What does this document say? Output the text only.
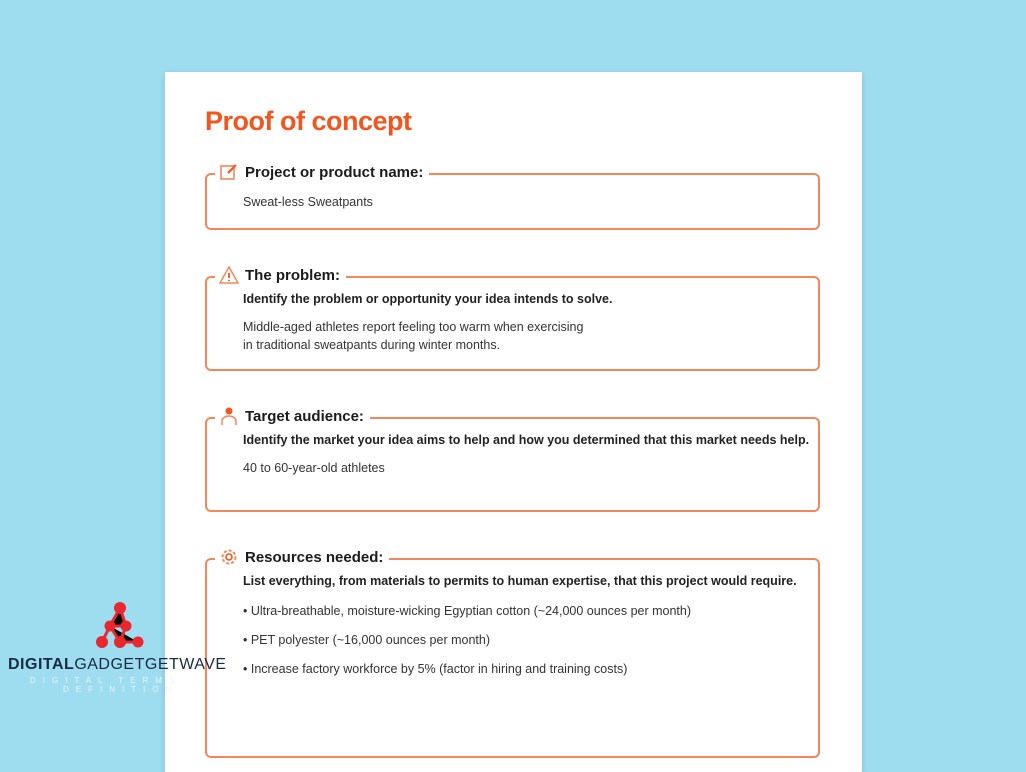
Proof of concept
Project or product name:
Sweat-less Sweatpants
The problem:
Identify the problem or opportunity your idea intends to solve.
Middle-aged athletes report feeling too warm when exercising
in traditional sweatpants during winter months.
Target audience:
Identify the market your idea aims to help and how you determined that this market needs help.
40 to 60-year-old athletes
Resources needed:
List everything, from materials to permits to human expertise, that this project would require.
• Ultra-breathable, moisture-wicking Egyptian cotton (~24,000 ounces per month)
• PET polyester (~16,000 ounces per month)
• Increase factory workforce by 5% (factor in hiring and training costs)
DIGITALGADGETGETWAVE
DIGITAL TERMS
DEFINITION
